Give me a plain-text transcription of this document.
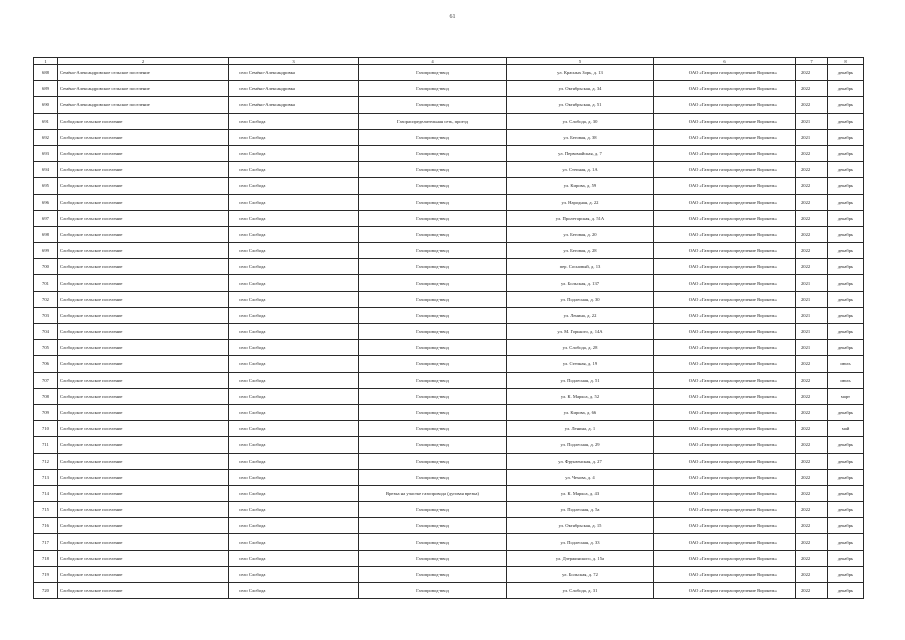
61
1	2	3	4	5	6	7	8
688	Семёно-Александровское сельское поселение	село Семёно-Александровка	Газопровод-ввод	ул. Красных Зорь, д. 13	ОАО «Газпром газораспределение Воронеж»	2022	декабрь
689	Семёно-Александровское сельское поселение	село Семёно-Александровка	Газопровод-ввод	ул. Октябрьская, д. 34	ОАО «Газпром газораспределение Воронеж»	2022	декабрь
690	Семёно-Александровское сельское поселение	село Семёно-Александровка	Газопровод-ввод	ул. Октябрьская, д. 51	ОАО «Газпром газораспределение Воронеж»	2022	декабрь
691	Слободское сельское поселение	село Слобода	Газораспределительная сеть, проезд	ул. Слобода, д. 30	ОАО «Газпром газораспределение Воронеж»	2021	декабрь
692	Слободское сельское поселение	село Слобода	Газопровод-ввод	ул. Беговая, д. 38	ОАО «Газпром газораспределение Воронеж»	2021	декабрь
693	Слободское сельское поселение	село Слобода	Газопровод-ввод	ул. Первомайская, д. 7	ОАО «Газпром газораспределение Воронеж»	2022	декабрь
694	Слободское сельское поселение	село Слобода	Газопровод-ввод	ул. Степная, д. 1А	ОАО «Газпром газораспределение Воронеж»	2022	декабрь
695	Слободское сельское поселение	село Слобода	Газопровод-ввод	ул. Кирова, д. 59	ОАО «Газпром газораспределение Воронеж»	2022	декабрь
696	Слободское сельское поселение	село Слобода	Газопровод-ввод	ул. Народная, д. 22	ОАО «Газпром газораспределение Воронеж»	2022	декабрь
697	Слободское сельское поселение	село Слобода	Газопровод-ввод	ул. Пролетарская, д. 51А	ОАО «Газпром газораспределение Воронеж»	2022	декабрь
698	Слободское сельское поселение	село Слобода	Газопровод-ввод	ул. Беговая, д. 20	ОАО «Газпром газораспределение Воронеж»	2022	декабрь
699	Слободское сельское поселение	село Слобода	Газопровод-ввод	ул. Беговая, д. 28	ОАО «Газпром газораспределение Воронеж»	2022	декабрь
700	Слободское сельское поселение	село Слобода	Газопровод-ввод	пер. Сосновый, д. 13	ОАО «Газпром газораспределение Воронеж»	2022	декабрь
701	Слободское сельское поселение	село Слобода	Газопровод-ввод	ул. Больская, д. 137	ОАО «Газпром газораспределение Воронеж»	2021	декабрь
702	Слободское сельское поселение	село Слобода	Газопровод-ввод	ул. Подлесная, д. 30	ОАО «Газпром газораспределение Воронеж»	2021	декабрь
703	Слободское сельское поселение	село Слобода	Газопровод-ввод	ул. Ленина, д. 22	ОАО «Газпром газораспределение Воронеж»	2021	декабрь
704	Слободское сельское поселение	село Слобода	Газопровод-ввод	ул. М. Горького, д. 14А	ОАО «Газпром газораспределение Воронеж»	2021	декабрь
705	Слободское сельское поселение	село Слобода	Газопровод-ввод	ул. Слобода, д. 28	ОАО «Газпром газораспределение Воронеж»	2021	декабрь
706	Слободское сельское поселение	село Слобода	Газопровод-ввод	ул. Степная, д. 19	ОАО «Газпром газораспределение Воронеж»	2022	июль
707	Слободское сельское поселение	село Слобода	Газопровод-ввод	ул. Подлесная, д. 51	ОАО «Газпром газораспределение Воронеж»	2022	июль
708	Слободское сельское поселение	село Слобода	Газопровод-ввод	ул. К. Маркса, д. 52	ОАО «Газпром газораспределение Воронеж»	2022	март
709	Слободское сельское поселение	село Слобода	Газопровод-ввод	ул. Кирова, д. 66	ОАО «Газпром газораспределение Воронеж»	2022	декабрь
710	Слободское сельское поселение	село Слобода	Газопровод-ввод	ул. Ленина, д. 1	ОАО «Газпром газораспределение Воронеж»	2022	май
711	Слободское сельское поселение	село Слобода	Газопровод-ввод	ул. Подлесная, д. 29	ОАО «Газпром газораспределение Воронеж»	2022	декабрь
712	Слободское сельское поселение	село Слобода	Газопровод-ввод	ул. Фрунзенская, д. 27	ОАО «Газпром газораспределение Воронеж»	2022	декабрь
713	Слободское сельское поселение	село Слобода	Газопровод-ввод	ул. Чехова, д. 4	ОАО «Газпром газораспределение Воронеж»	2022	декабрь
714	Слободское сельское поселение	село Слобода	Врезка на участке газопровода (дуговая врезка)	ул. К. Маркса, д. 43	ОАО «Газпром газораспределение Воронеж»	2022	декабрь
715	Слободское сельское поселение	село Слобода	Газопровод-ввод	ул. Подлесная, д. 5а	ОАО «Газпром газораспределение Воронеж»	2022	декабрь
716	Слободское сельское поселение	село Слобода	Газопровод-ввод	ул. Октябрьская, д. 15	ОАО «Газпром газораспределение Воронеж»	2022	декабрь
717	Слободское сельское поселение	село Слобода	Газопровод-ввод	ул. Подлесная, д. 33	ОАО «Газпром газораспределение Воронеж»	2022	декабрь
718	Слободское сельское поселение	село Слобода	Газопровод-ввод	ул. Дзержинского, д. 15а	ОАО «Газпром газораспределение Воронеж»	2022	декабрь
719	Слободское сельское поселение	село Слобода	Газопровод-ввод	ул. Больская, д. 72	ОАО «Газпром газораспределение Воронеж»	2022	декабрь
720	Слободское сельское поселение	село Слобода	Газопровод-ввод	ул. Слобода, д. 31	ОАО «Газпром газораспределение Воронеж»	2022	декабрь
